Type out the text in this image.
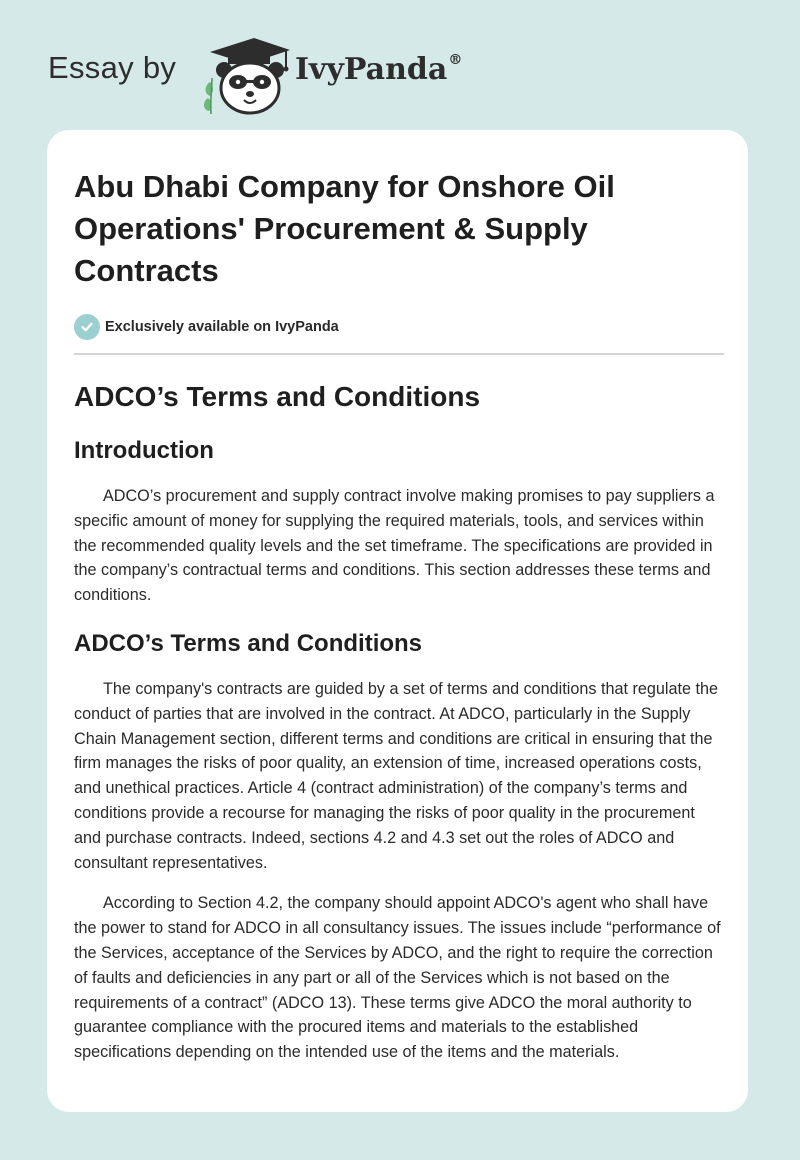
Essay by	IvyPanda®
Abu Dhabi Company for Onshore Oil Operations' Procurement & Supply Contracts
Exclusively available on IvyPanda
ADCO’s Terms and Conditions
Introduction

ADCO’s procurement and supply contract involve making promises to pay suppliers a specific amount of money for supplying the required materials, tools, and services within the recommended quality levels and the set timeframe. The specifications are provided in the company’s contractual terms and conditions. This section addresses these terms and conditions.

ADCO’s Terms and Conditions

The company's contracts are guided by a set of terms and conditions that regulate the conduct of parties that are involved in the contract. At ADCO, particularly in the Supply Chain Management section, different terms and conditions are critical in ensuring that the firm manages the risks of poor quality, an extension of time, increased operations costs, and unethical practices. Article 4 (contract administration) of the company’s terms and conditions provide a recourse for managing the risks of poor quality in the procurement and purchase contracts. Indeed, sections 4.2 and 4.3 set out the roles of ADCO and consultant representatives.

According to Section 4.2, the company should appoint ADCO's agent who shall have the power to stand for ADCO in all consultancy issues. The issues include “performance of the Services, acceptance of the Services by ADCO, and the right to require the correction of faults and deficiencies in any part or all of the Services which is not based on the requirements of a contract” (ADCO 13). These terms give ADCO the moral authority to guarantee compliance with the procured items and materials to the established specifications depending on the intended use of the items and the materials.
